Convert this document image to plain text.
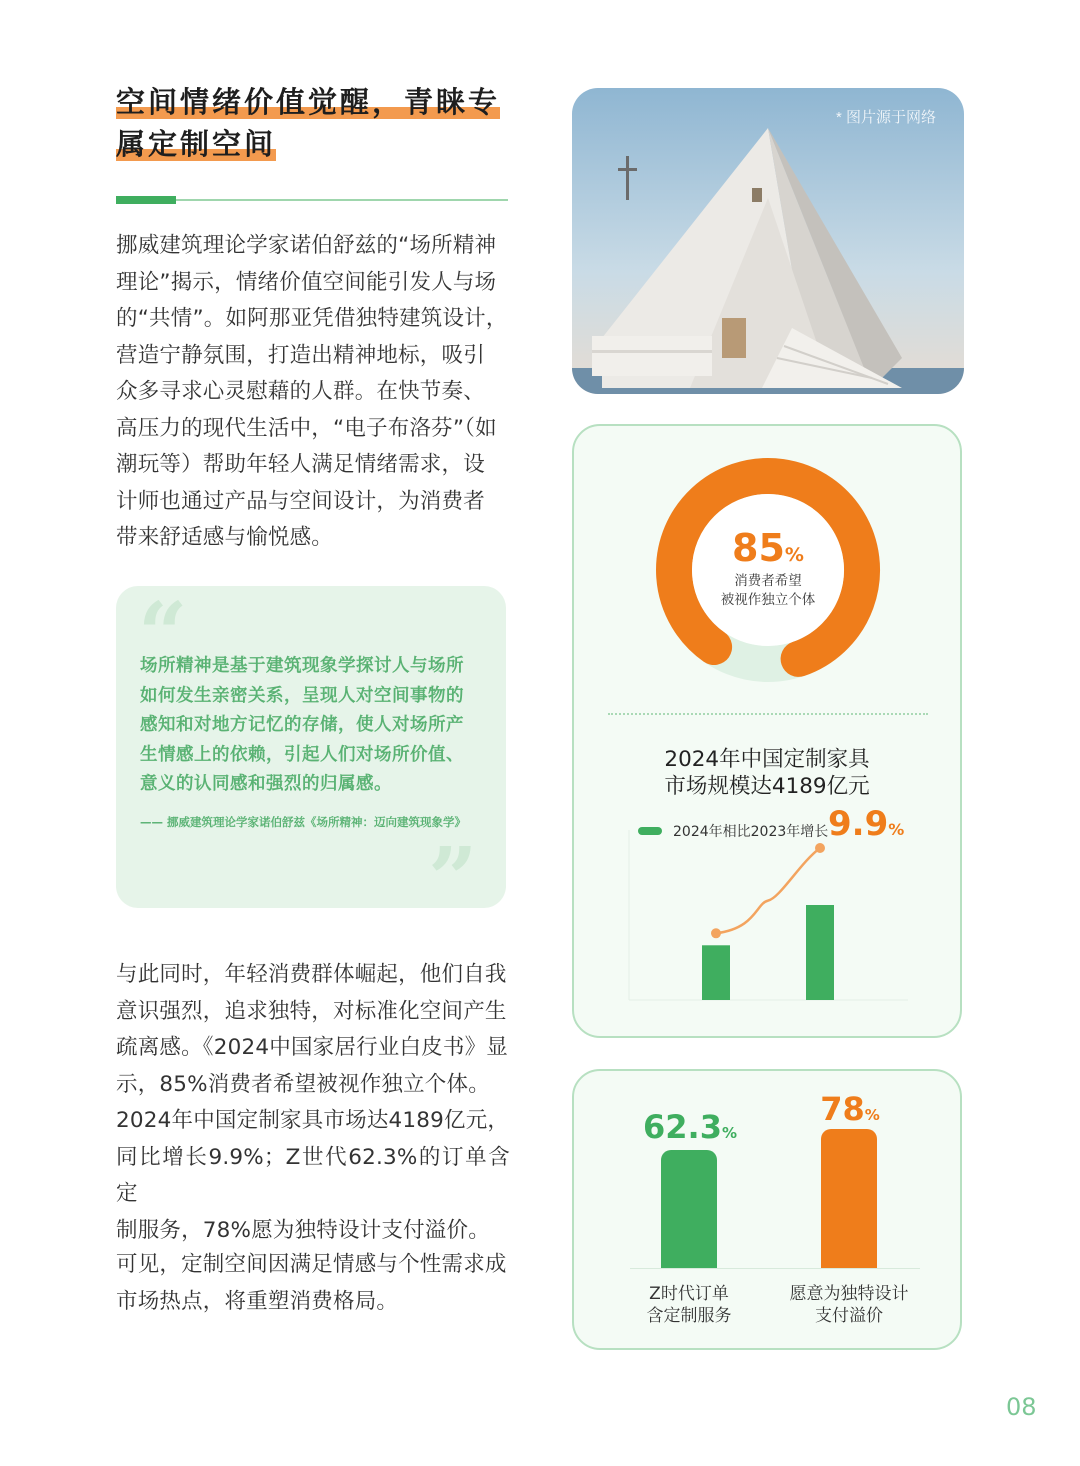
空间情绪价值觉醒，青睐专
属定制空间
挪威建筑理论学家诺伯舒兹的“场所精神
理论”揭示，情绪价值空间能引发人与场
的“共情”。如阿那亚凭借独特建筑设计，
营造宁静氛围，打造出精神地标，吸引
众多寻求心灵慰藉的人群。在快节奏、
高压力的现代生活中，“电子布洛芬”（如
潮玩等）帮助年轻人满足情绪需求，设
计师也通过产品与空间设计，为消费者
带来舒适感与愉悦感。
“
”
场所精神是基于建筑现象学探讨人与场所
如何发生亲密关系，呈现人对空间事物的
感知和对地方记忆的存储，使人对场所产
生情感上的依赖，引起人们对场所价值、
意义的认同感和强烈的归属感。
—— 挪威建筑理论学家诺伯舒兹《场所精神：迈向建筑现象学》
与此同时，年轻消费群体崛起，他们自我
意识强烈，追求独特，对标准化空间产生
疏离感。《2024中国家居行业白皮书》显
示，85%消费者希望被视作独立个体。
2024年中国定制家具市场达4189亿元，
同比增长9.9%；Z世代62.3%的订单含定
制服务，78%愿为独特设计支付溢价。
可见，定制空间因满足情感与个性需求成
市场热点，将重塑消费格局。
* 图片源于网络
85%
消费者希望
被视作独立个体
2024年中国定制家具
市场规模达4189亿元
2024年相比2023年增长 9.9%
62.3%
78%
Z时代订单
含定制服务
愿意为独特设计
支付溢价
08
